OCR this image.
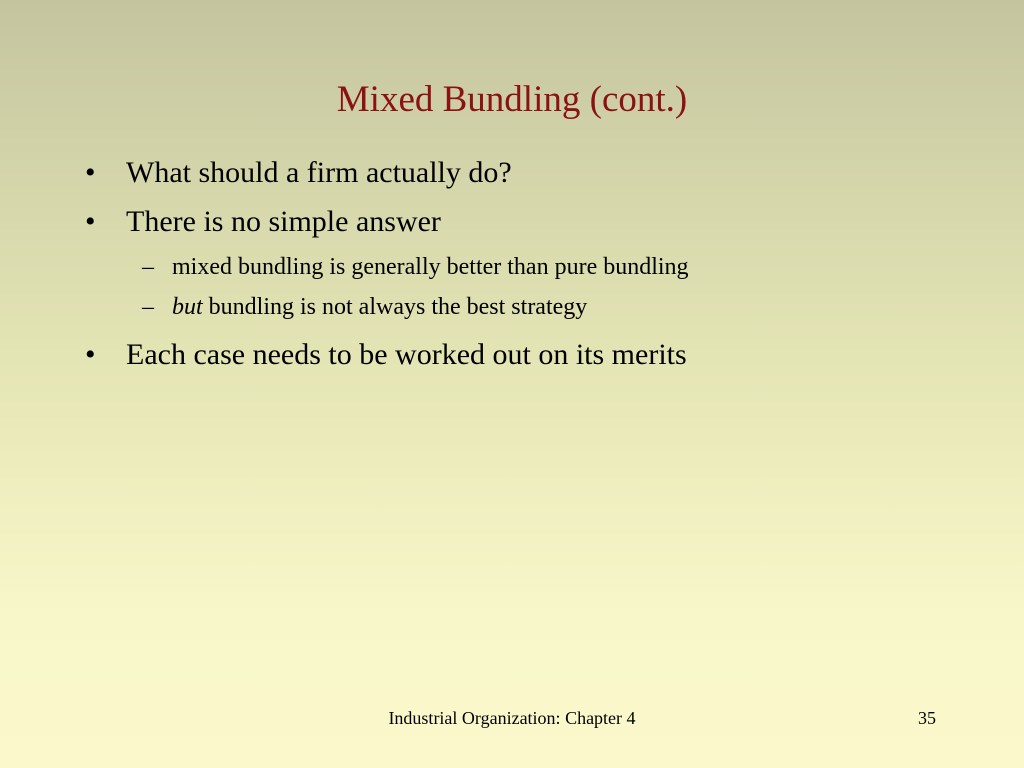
Mixed Bundling (cont.)
• What should a firm actually do?
• There is no simple answer
– mixed bundling is generally better than pure bundling
– but bundling is not always the best strategy
• Each case needs to be worked out on its merits
Industrial Organization: Chapter 4	35
